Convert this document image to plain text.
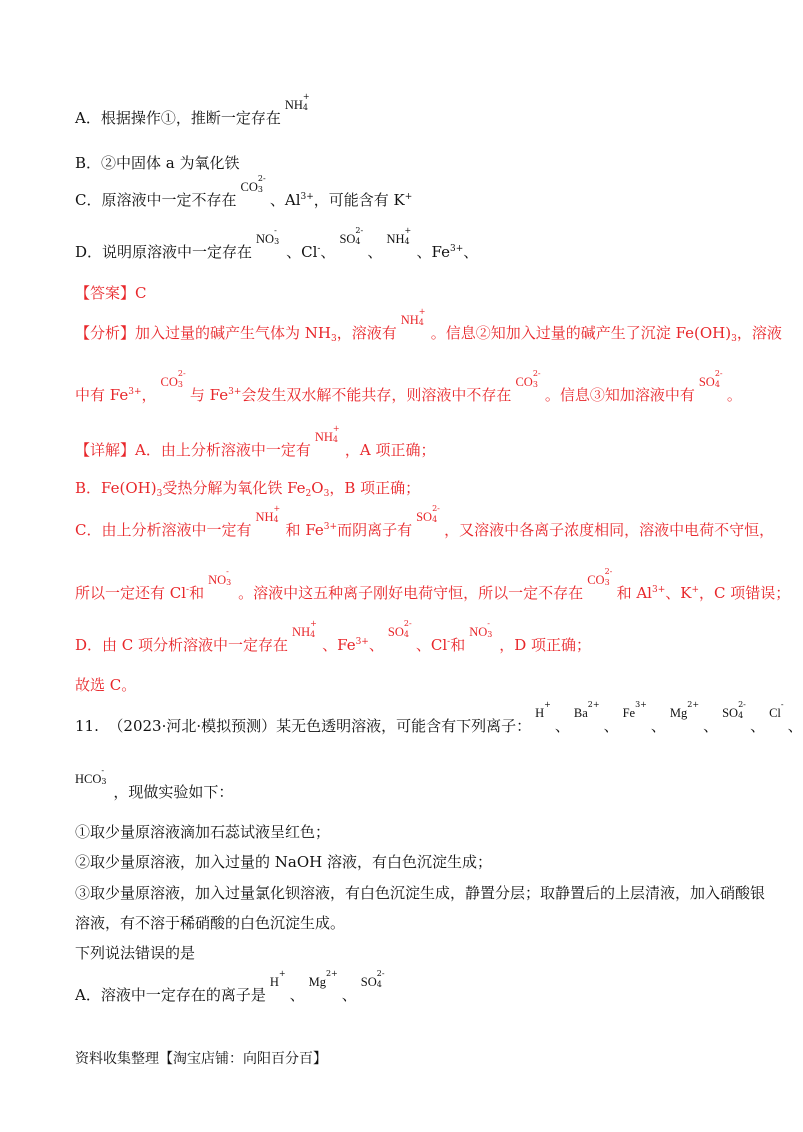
A．根据操作①，推断一定存在NH
+
4
B．②中固体 a 为氧化铁
C．原溶液中一定不存在CO
2-
3
、$Al^{3+}$，可能含有 K+
D．说明原溶液中一定存在NO
-
3
、Cl-、SO
2-
4
、NH
+
4
、$Fe^{3+}$、
【答案】C
【分析】加入过量的碱产生气体为 $NH_3$，溶液有NH
+
4
。信息②知加入过量的碱产生了沉淀 $Fe(OH)_3$，溶液
中有 $Fe^{3+}$，CO
2-
3
与 $Fe^{3+}$会发生双水解不能共存，则溶液中不存在CO
2-
3
。信息③知加溶液中有SO
2-
4
。
【详解】A．由上分析溶液中一定有NH
+
4
，A 项正确；
B．$Fe(OH)_3$受热分解为氧化铁 $Fe_2O_3$，B 项正确；
C．由上分析溶液中一定有NH
+
4
和 $Fe^{3+}$而阴离子有SO
2-
4
，又溶液中各离子浓度相同，溶液中电荷不守恒，
所以一定还有 Cl-和NO
-
3
。溶液中这五种离子刚好电荷守恒，所以一定不存在CO
2-
3
和 $Al^{3+}$、K+，C 项错误；
D．由 C 项分析溶液中一定存在NH
+
4
、$Fe^{3+}$、SO
2-
4
、Cl-和NO
-
3
，D 项正确；
故选 C。
11. （2023·河北·模拟预测）某无色透明溶液，可能含有下列离子：H+、$Ba^{2+}$、$Fe^{3+}$、$Mg^{2+}$、SO
2-
4
、Cl-、
HCO
-
3
，现做实验如下：
①取少量原溶液滴加石蕊试液呈红色；
②取少量原溶液，加入过量的 NaOH 溶液，有白色沉淀生成；
③取少量原溶液，加入过量氯化钡溶液，有白色沉淀生成，静置分层；取静置后的上层清液，加入硝酸银
溶液，有不溶于稀硝酸的白色沉淀生成。
下列说法错误的是
A．溶液中一定存在的离子是H+、$Mg^{2+}$、SO
2-
4
资料收集整理【淘宝店铺：向阳百分百】
